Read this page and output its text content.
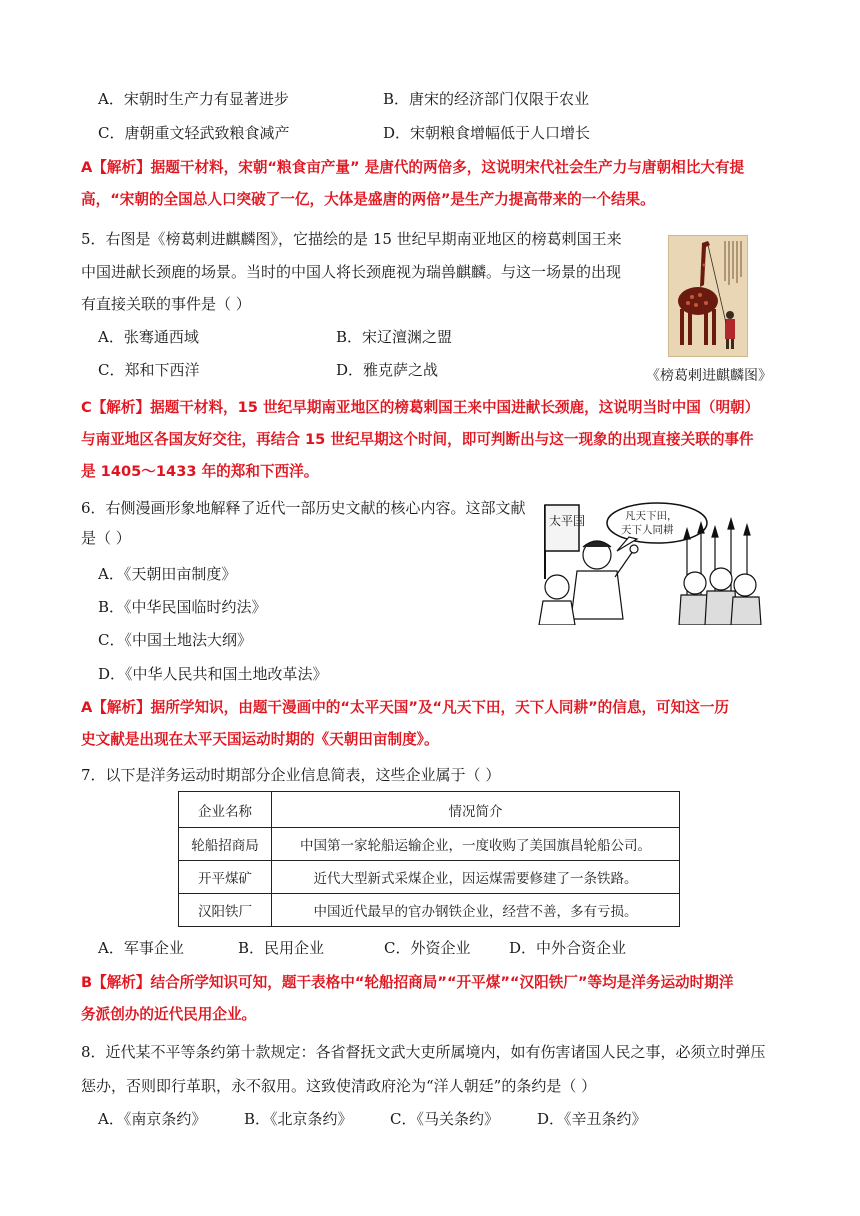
A．宋朝时生产力有显著进步	B．唐宋的经济部门仅限于农业
C．唐朝重文轻武致粮食减产	D．宋朝粮食增幅低于人口增长
A【解析】据题干材料，宋朝“粮食亩产量” 是唐代的两倍多，这说明宋代社会生产力与唐朝相比大有提
高，“宋朝的全国总人口突破了一亿，大体是盛唐的两倍”是生产力提高带来的一个结果。
5．右图是《榜葛剌进麒麟图》，它描绘的是 15 世纪早期南亚地区的榜葛剌国王来
中国进献长颈鹿的场景。当时的中国人将长颈鹿视为瑞兽麒麟。与这一场景的出现
有直接关联的事件是（ ）
A．张骞通西域	B．宋辽澶渊之盟
C．郑和下西洋	D．雅克萨之战	《榜葛剌进麒麟图》
C【解析】据题干材料，15 世纪早期南亚地区的榜葛剌国王来中国进献长颈鹿，这说明当时中国（明朝）
与南亚地区各国友好交往，再结合 15 世纪早期这个时间，即可判断出与这一现象的出现直接关联的事件
是 1405～1433 年的郑和下西洋。
6．右侧漫画形象地解释了近代一部历史文献的核心内容。这部文献
是（ ）
A．《天朝田亩制度》
B．《中华民国临时约法》
C．《中国土地法大纲》
D．《中华人民共和国土地改革法》
太平国	凡天下田，
天下人同耕
A【解析】据所学知识，由题干漫画中的“太平天国”及“凡天下田，天下人同耕”的信息，可知这一历
史文献是出现在太平天国运动时期的《天朝田亩制度》。
7．以下是洋务运动时期部分企业信息简表，这些企业属于（ ）
企业名称	情况简介
轮船招商局	中国第一家轮船运输企业，一度收购了美国旗昌轮船公司。
开平煤矿	近代大型新式采煤企业，因运煤需要修建了一条铁路。
汉阳铁厂	中国近代最早的官办钢铁企业，经营不善，多有亏损。
A．军事企业	B．民用企业	C．外资企业	D．中外合资企业
B【解析】结合所学知识可知，题干表格中“轮船招商局”“开平煤”“汉阳铁厂”等均是洋务运动时期洋
务派创办的近代民用企业。
8．近代某不平等条约第十款规定：各省督抚文武大吏所属境内，如有伤害诸国人民之事，必须立时弹压
惩办，否则即行革职，永不叙用。这致使清政府沦为“洋人朝廷”的条约是（ ）
A．《南京条约》	B．《北京条约》 C．《马关条约》	D．《辛丑条约》
